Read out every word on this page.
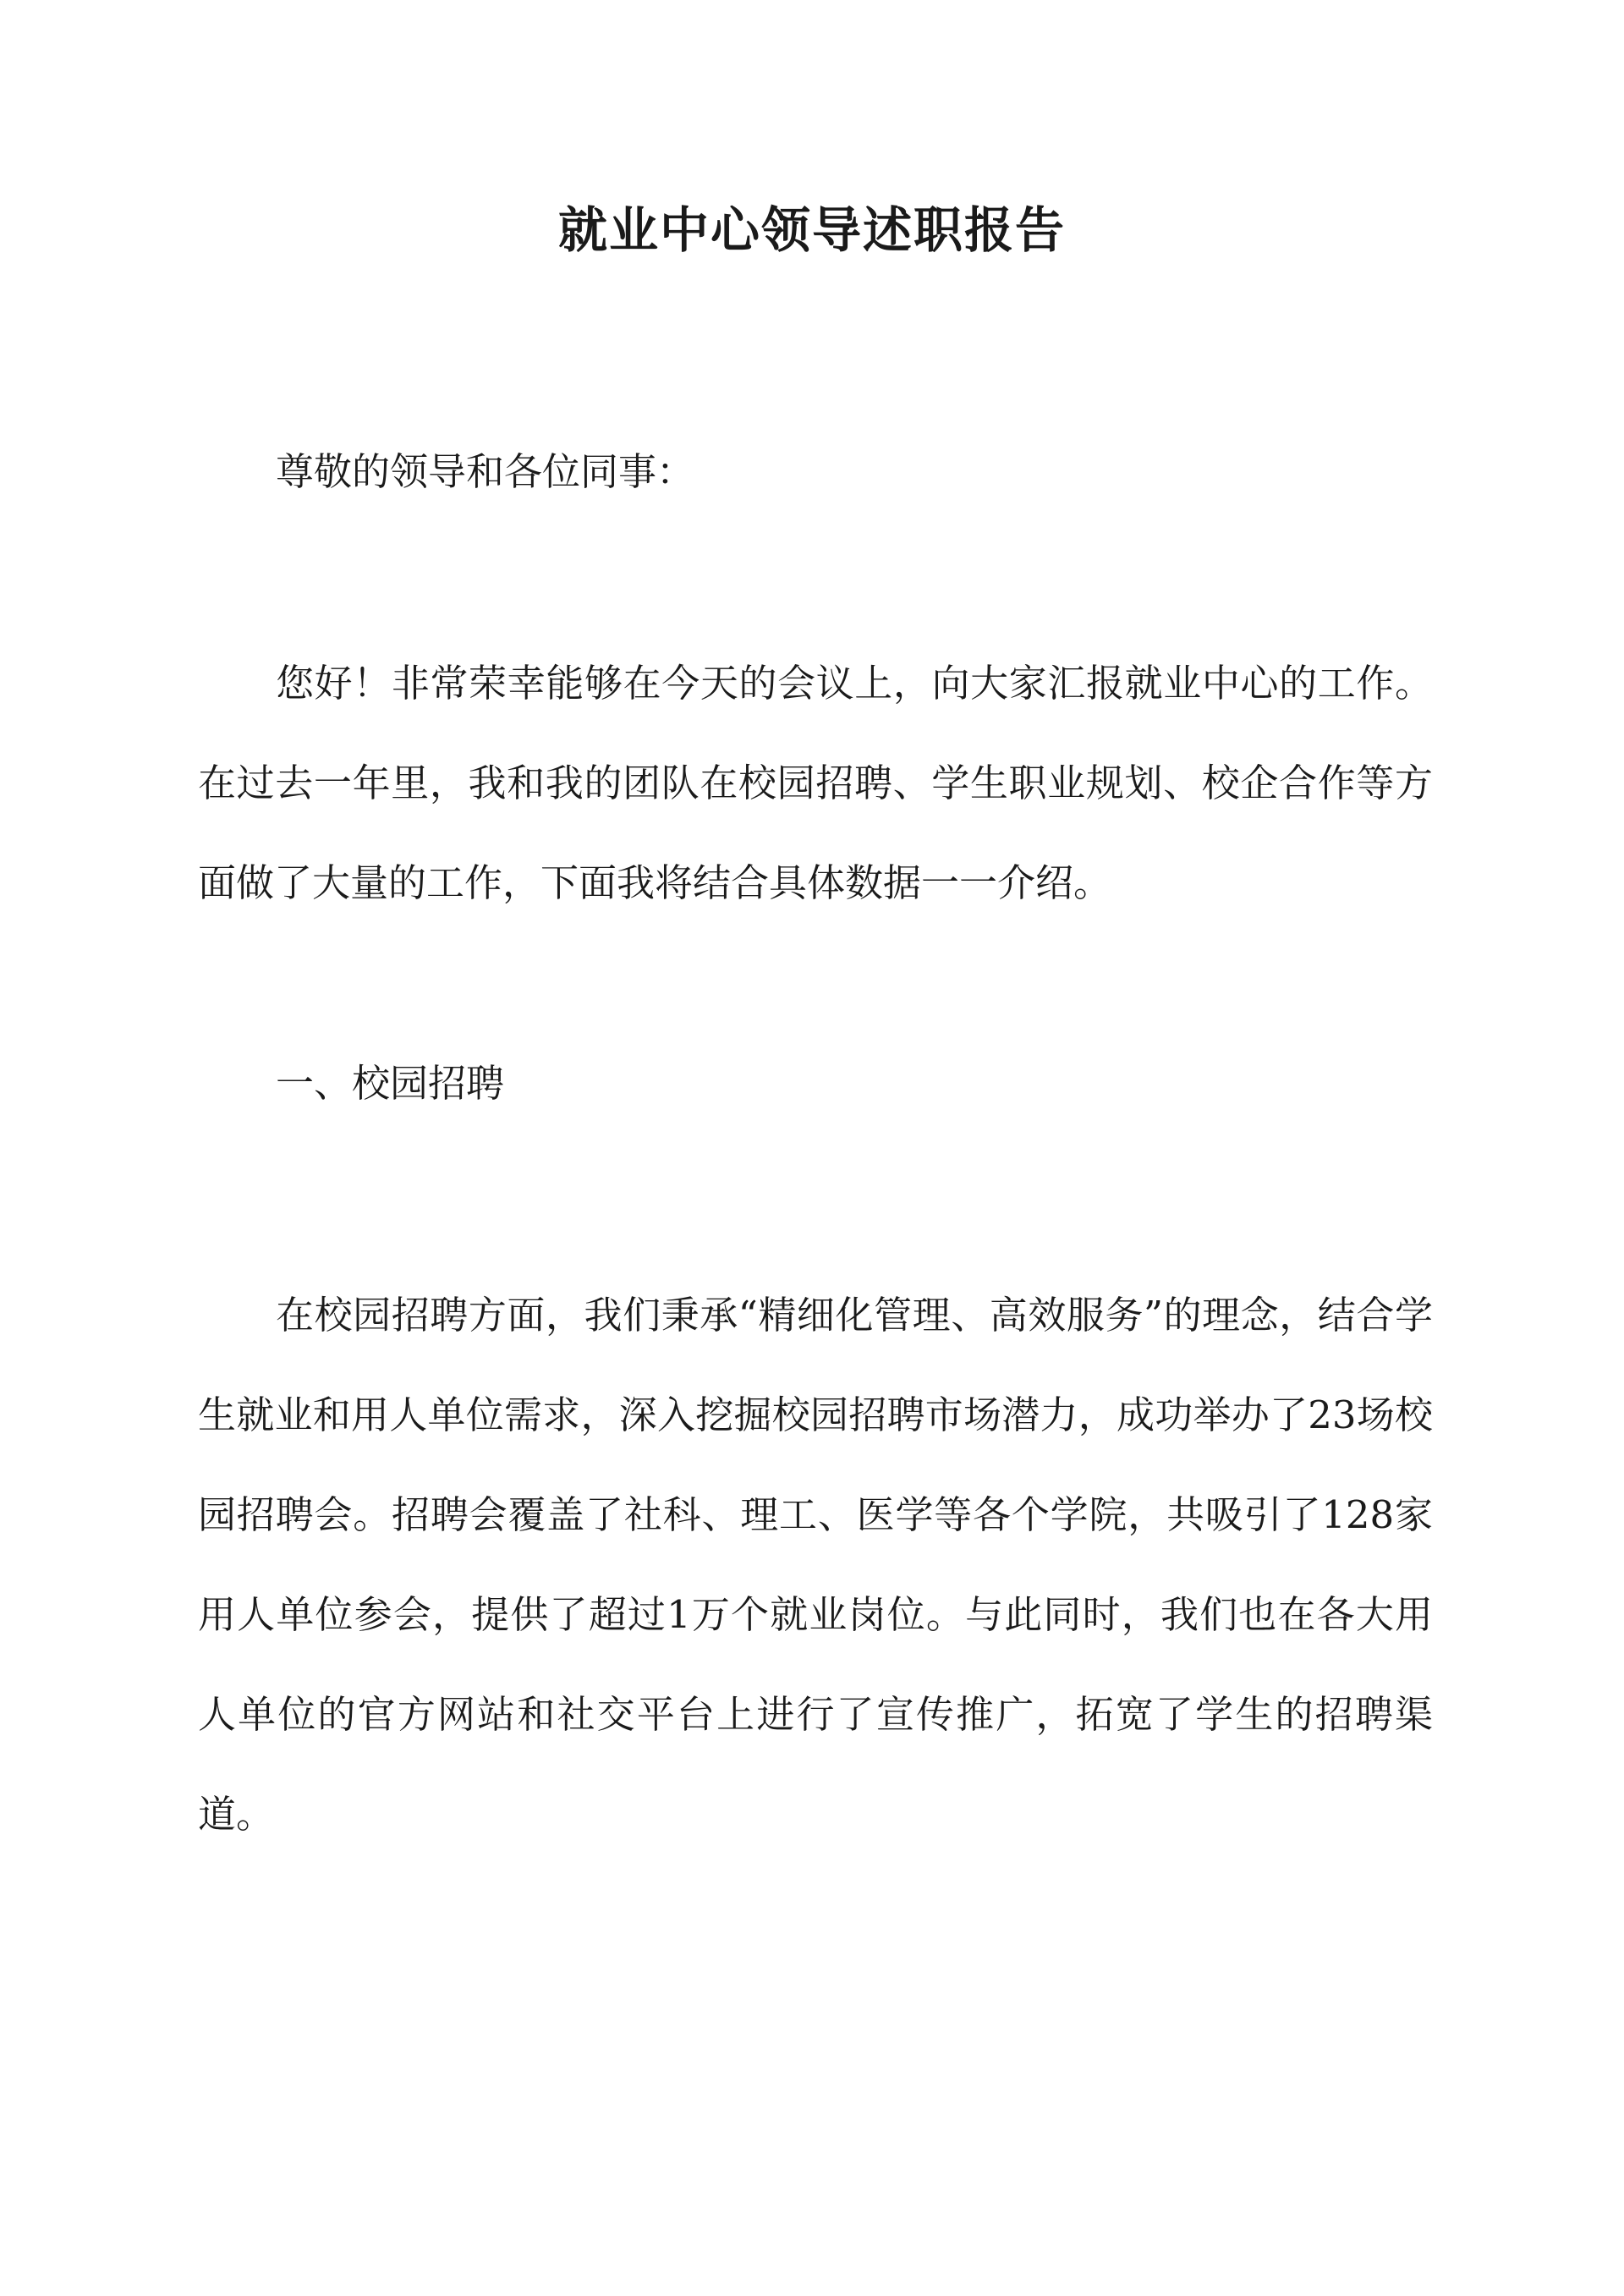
就业中心领导述职报告

尊敬的领导和各位同事：

您好！非常荣幸能够在今天的会议上，向大家汇报就业中心的工作。在过去一年里，我和我的团队在校园招聘、学生职业规划、校企合作等方面做了大量的工作，下面我将结合具体数据一一介绍。

一、校园招聘

在校园招聘方面，我们秉承“精细化管理、高效服务”的理念，结合学生就业和用人单位需求，深入挖掘校园招聘市场潜力，成功举办了23场校园招聘会。招聘会覆盖了社科、理工、医学等各个学院，共吸引了128家用人单位参会，提供了超过1万个就业岗位。与此同时，我们也在各大用人单位的官方网站和社交平台上进行了宣传推广，拓宽了学生的招聘渠道。
